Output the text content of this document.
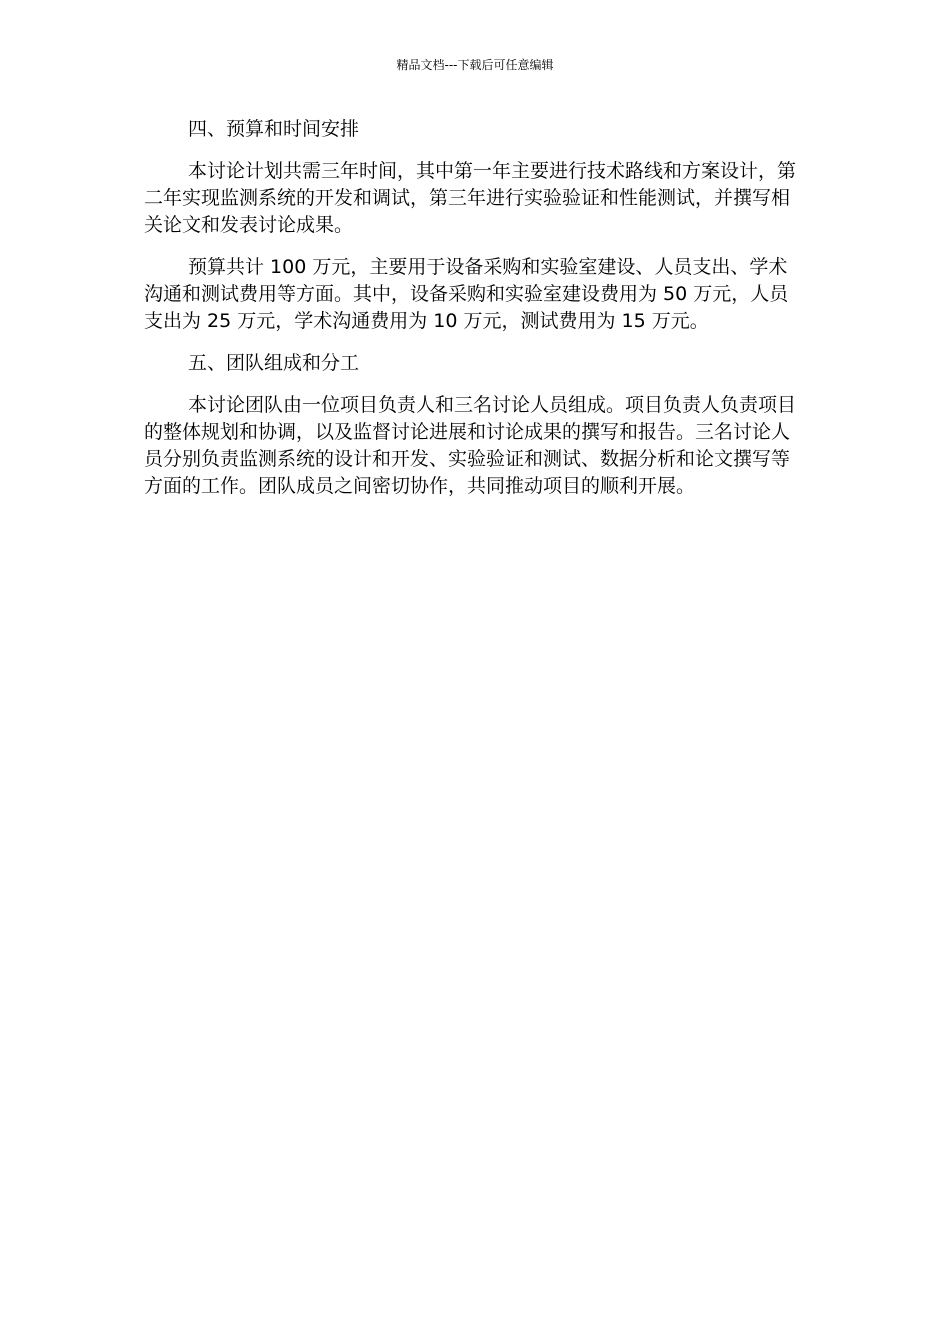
精品文档---下载后可任意编辑
四、预算和时间安排

本讨论计划共需三年时间，其中第一年主要进行技术路线和方案设计，第二年实现监测系统的开发和调试，第三年进行实验验证和性能测试，并撰写相关论文和发表讨论成果。

预算共计 100 万元，主要用于设备采购和实验室建设、人员支出、学术沟通和测试费用等方面。其中，设备采购和实验室建设费用为 50 万元，人员支出为 25 万元，学术沟通费用为 10 万元，测试费用为 15 万元。

五、团队组成和分工

本讨论团队由一位项目负责人和三名讨论人员组成。项目负责人负责项目的整体规划和协调，以及监督讨论进展和讨论成果的撰写和报告。三名讨论人员分别负责监测系统的设计和开发、实验验证和测试、数据分析和论文撰写等方面的工作。团队成员之间密切协作，共同推动项目的顺利开展。
